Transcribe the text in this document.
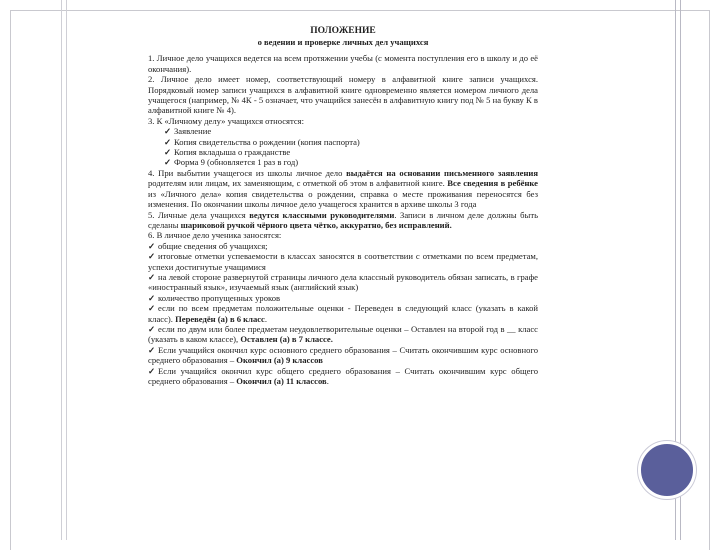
ПОЛОЖЕНИЕ
о ведении и проверке личных дел учащихся
1. Личное дело учащихся ведется на всем протяжении учебы (с момента поступления его в школу и до её окончания).
2. Личное дело имеет номер, соответствующий номеру в алфавитной книге записи учащихся. Порядковый номер записи учащихся в алфавитной книге одновременно является номером личного дела учащегося (например, № 4К - 5 означает, что учащийся занесён в алфавитную книгу под № 5 на букву К в алфавитной книге № 4).
3. К «Личному делу» учащихся относятся:
✓ Заявление
✓ Копия свидетельства о рождении (копия паспорта)
✓ Копия вкладыша о гражданстве
✓ Форма 9 (обновляется 1 раз в год)
4. При выбытии учащегося из школы личное дело выдаётся на основании письменного заявления родителям или лицам, их заменяющим, с отметкой об этом в алфавитной книге. Все сведения в ребёнке из «Личного дела» копия свидетельства о рождении, справка о месте проживания переносятся без изменения. По окончании школы личное дело учащегося хранится в архиве школы 3 года
5. Личные дела учащихся ведутся классными руководителями. Записи в личном деле должны быть сделаны шариковой ручкой чёрного цвета чётко, аккуратно, без исправлений.
6. В личное дело ученика заносятся:
✓ общие сведения об учащихся;
✓ итоговые отметки успеваемости в классах заносятся в соответствии с отметками по всем предметам, успехи достигнутые учащимися
✓ на левой стороне развернутой страницы личного дела классный руководитель обязан записать, в графе «иностранный язык», изучаемый язык (английский язык)
✓ количество пропущенных уроков
✓ если по всем предметам положительные оценки - Переведен в следующий класс (указать в какой класс). Переведён (а) в 6 класс.
✓ если по двум или более предметам неудовлетворительные оценки – Оставлен на второй год в __ класс (указать в каком классе), Оставлен (а) в 7 классе.
✓ Если учащийся окончил курс основного среднего образования – Считать окончившим курс основного среднего образования – Окончил (а) 9 классов
✓ Если учащийся окончил курс общего среднего образования – Считать окончившим курс общего среднего образования – Окончил (а) 11 классов.
